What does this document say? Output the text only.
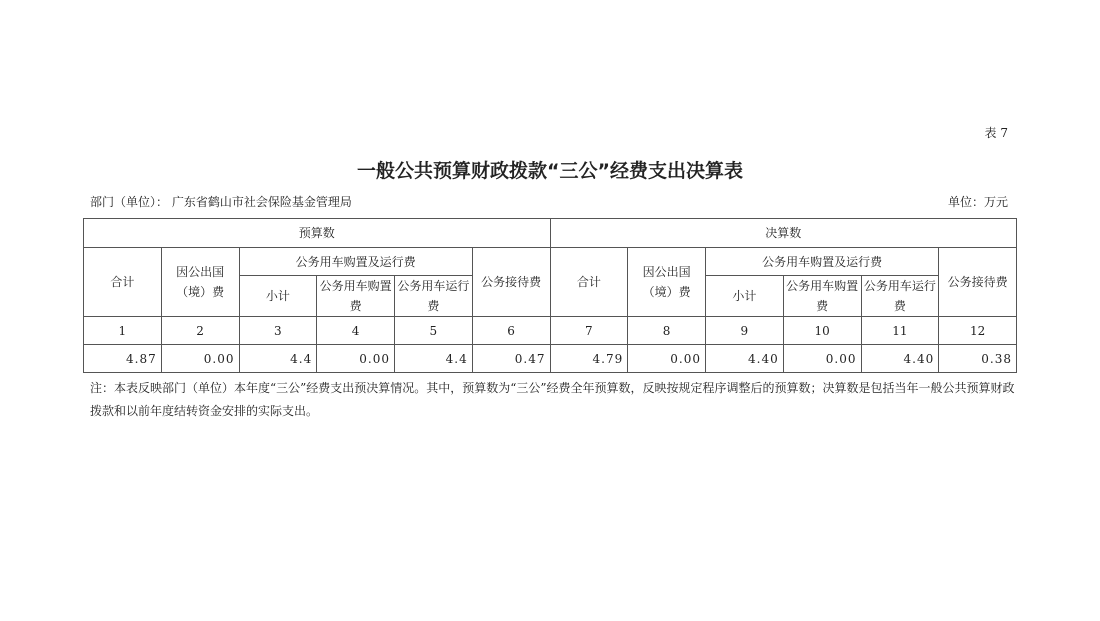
表 7
一般公共预算财政拨款“三公”经费支出决算表
部门（单位）： 广东省鹤山市社会保险基金管理局	单位：万元
预算数						决算数					
合计	因公出国（境）费	公务用车购置及运行费			公务接待费	合计	因公出国（境）费	公务用车购置及运行费			公务接待费
		小计	公务用车购置费	公务用车运行费				小计	公务用车购置费	公务用车运行费	
1	2	3	4	5	6	7	8	9	10	11	12
4.87	0.00	4.4	0.00	4.4	0.47	4.79	0.00	4.40	0.00	4.40	0.38
注：本表反映部门（单位）本年度“三公”经费支出预决算情况。其中，预算数为“三公”经费全年预算数，反映按规定程序调整后的预算数；决算数是包括当年一般公共预算财政拨款和以前年度结转资金安排的实际支出。
